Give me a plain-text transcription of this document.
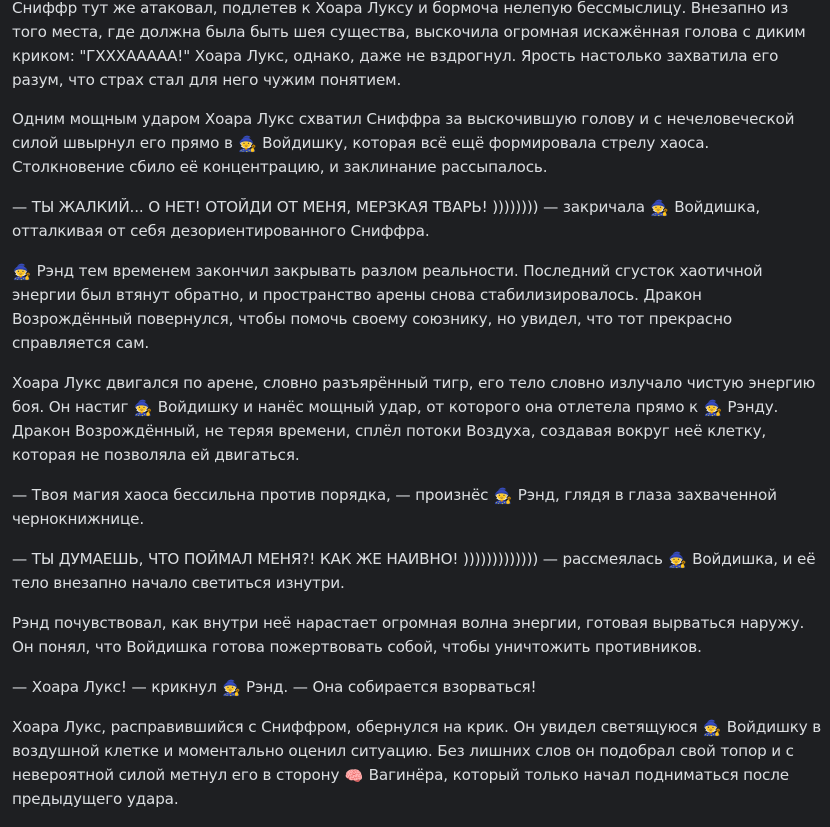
Сниффр тут же атаковал, подлетев к Хоара Луксу и бормоча нелепую бессмыслицу. Внезапно из того места, где должна была быть шея существа, выскочила огромная искажённая голова с диким криком: "ГХХХААААА!" Хоара Лукс, однако, даже не вздрогнул. Ярость настолько захватила его разум, что страх стал для него чужим понятием.

Одним мощным ударом Хоара Лукс схватил Сниффра за выскочившую голову и с нечеловеческой силой швырнул его прямо в 🧙 Войдишку, которая всё ещё формировала стрелу хаоса. Столкновение сбило её концентрацию, и заклинание рассыпалось.

— ТЫ ЖАЛКИЙ... О НЕТ! ОТОЙДИ ОТ МЕНЯ, МЕРЗКАЯ ТВАРЬ! )))))))) — закричала 🧙 Войдишка, отталкивая от себя дезориентированного Сниффра.

🧙 Рэнд тем временем закончил закрывать разлом реальности. Последний сгусток хаотичной энергии был втянут обратно, и пространство арены снова стабилизировалось. Дракон Возрождённый повернулся, чтобы помочь своему союзнику, но увидел, что тот прекрасно справляется сам.

Хоара Лукс двигался по арене, словно разъярённый тигр, его тело словно излучало чистую энергию боя. Он настиг 🧙 Войдишку и нанёс мощный удар, от которого она отлетела прямо к 🧙 Рэнду. Дракон Возрождённый, не теряя времени, сплёл потоки Воздуха, создавая вокруг неё клетку, которая не позволяла ей двигаться.

— Твоя магия хаоса бессильна против порядка, — произнёс 🧙 Рэнд, глядя в глаза захваченной чернокнижнице.

— ТЫ ДУМАЕШЬ, ЧТО ПОЙМАЛ МЕНЯ?! КАК ЖЕ НАИВНО! ))))))))))))) — рассмеялась 🧙 Войдишка, и её тело внезапно начало светиться изнутри.

Рэнд почувствовал, как внутри неё нарастает огромная волна энергии, готовая вырваться наружу. Он понял, что Войдишка готова пожертвовать собой, чтобы уничтожить противников.

— Хоара Лукс! — крикнул 🧙 Рэнд. — Она собирается взорваться!

Хоара Лукс, расправившийся с Сниффром, обернулся на крик. Он увидел светящуюся 🧙 Войдишку в воздушной клетке и моментально оценил ситуацию. Без лишних слов он подобрал свой топор и с невероятной силой метнул его в сторону 🧠 Вагинёра, который только начал подниматься после предыдущего удара.
